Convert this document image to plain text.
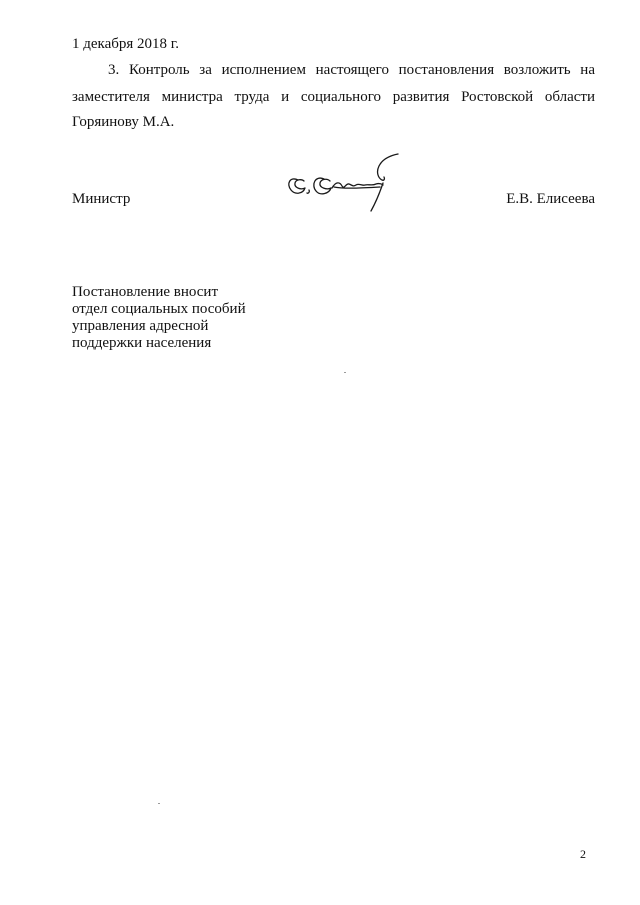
1 декабря 2018 г.
3. Контроль за исполнением настоящего постановления возложить на
заместителя министра труда и социального развития Ростовской области
Горяинову М.А.
Министр	Е.В. Елисеева
Постановление вносит
отдел социальных пособий
управления адресной
поддержки населения
2
